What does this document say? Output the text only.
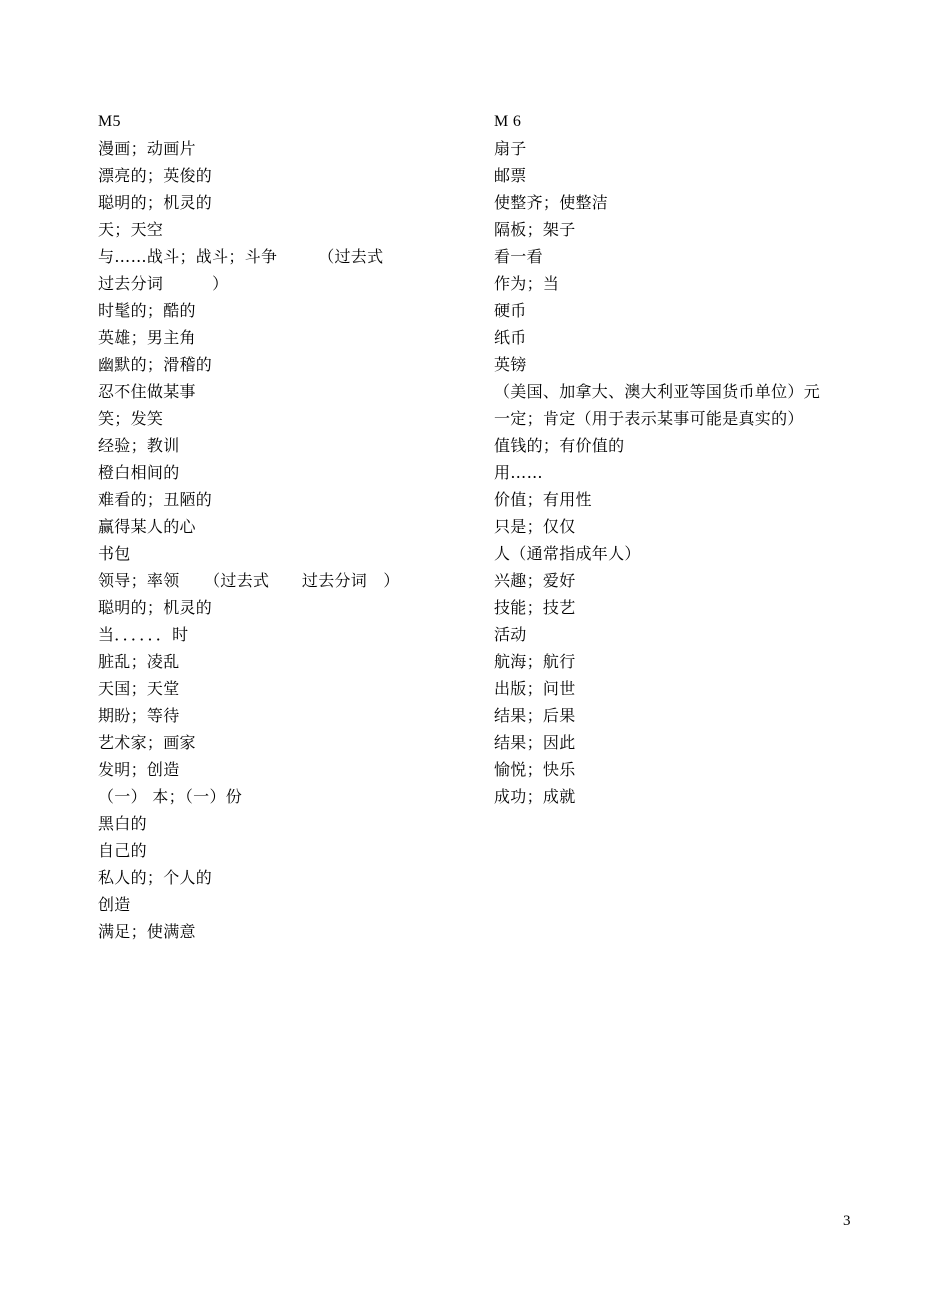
M5
漫画；动画片
漂亮的；英俊的
聪明的；机灵的
天；天空
与……战斗；战斗；斗争　　　（过去式
过去分词　　　）
时髦的；酷的
英雄；男主角
幽默的；滑稽的
忍不住做某事
笑；发笑
经验；教训
橙白相间的
难看的；丑陋的
赢得某人的心
书包
领导；率领　　（过去式　　过去分词　）
聪明的；机灵的
当．．．．．．时
脏乱；凌乱
天国；天堂
期盼；等待
艺术家；画家
发明；创造
（一） 本；（一）份
黑白的
自己的
私人的；个人的
创造
满足；使满意
M 6
扇子
邮票
使整齐；使整洁
隔板；架子
看一看
作为；当
硬币
纸币
英镑
（美国、加拿大、澳大利亚等国货币单位）元
一定；肯定（用于表示某事可能是真实的）
值钱的；有价值的
用……
价值；有用性
只是；仅仅
人（通常指成年人）
兴趣；爱好
技能；技艺
活动
航海；航行
出版；问世
结果；后果
结果；因此
愉悦；快乐
成功；成就
3
